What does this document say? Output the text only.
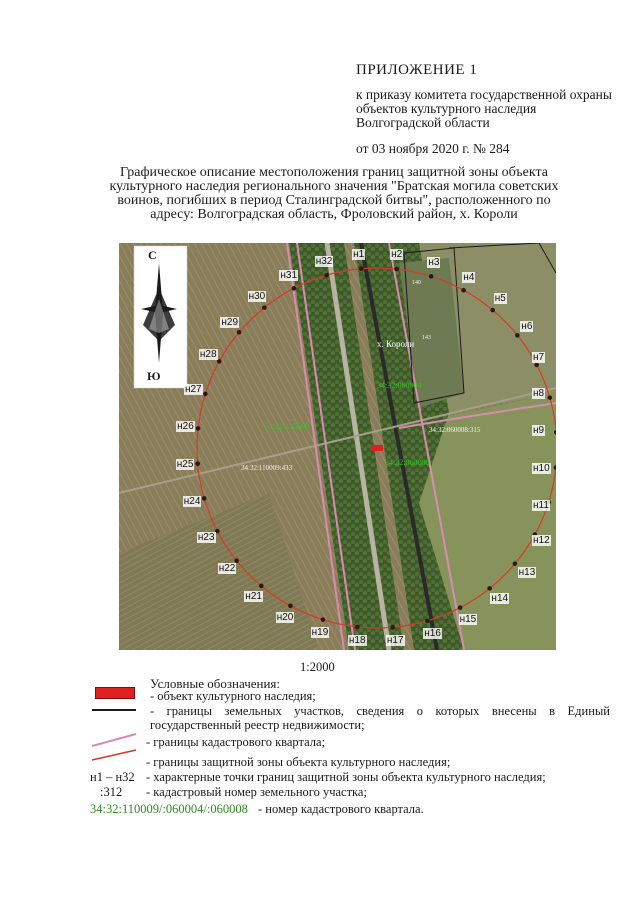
ПРИЛОЖЕНИЕ 1
к приказу комитета государственной охраны объектов культурного наследия Волгоградской области
от 03 ноября 2020 г. № 284
Графическое описание местоположения границ защитной зоны объекта культурного наследия регионального значения "Братская могила советских воинов, погибших в период Сталинградской битвы", расположенного по адресу: Волгоградская область, Фроловский район, х. Короли
С
Ю
х. Короли
34:32:060004
34:32:110009
34:32:060008
34:32:060008:315
34:32:110009:433
140
143
н1	н2
н3
н4
н5
н6
н7
н8
н9
н10
н11
н12
н13
н14
н15
н16
н17
н18
н19
н20
н21
н22
н23
н24
н25
н26
н27
н28
н29
н30
н31
н32
1:2000
Условные обозначения:
- объект культурного наследия;
- границы земельных участков, сведения о которых внесены в Единый государственный реестр недвижимости;
- границы кадастрового квартала;
- границы защитной зоны объекта культурного наследия;
н1 – н32 - характерные точки границ защитной зоны объекта культурного наследия;
:312 - кадастровый номер земельного участка;
34:32:110009/:060004/:060008 - номер кадастрового квартала.
